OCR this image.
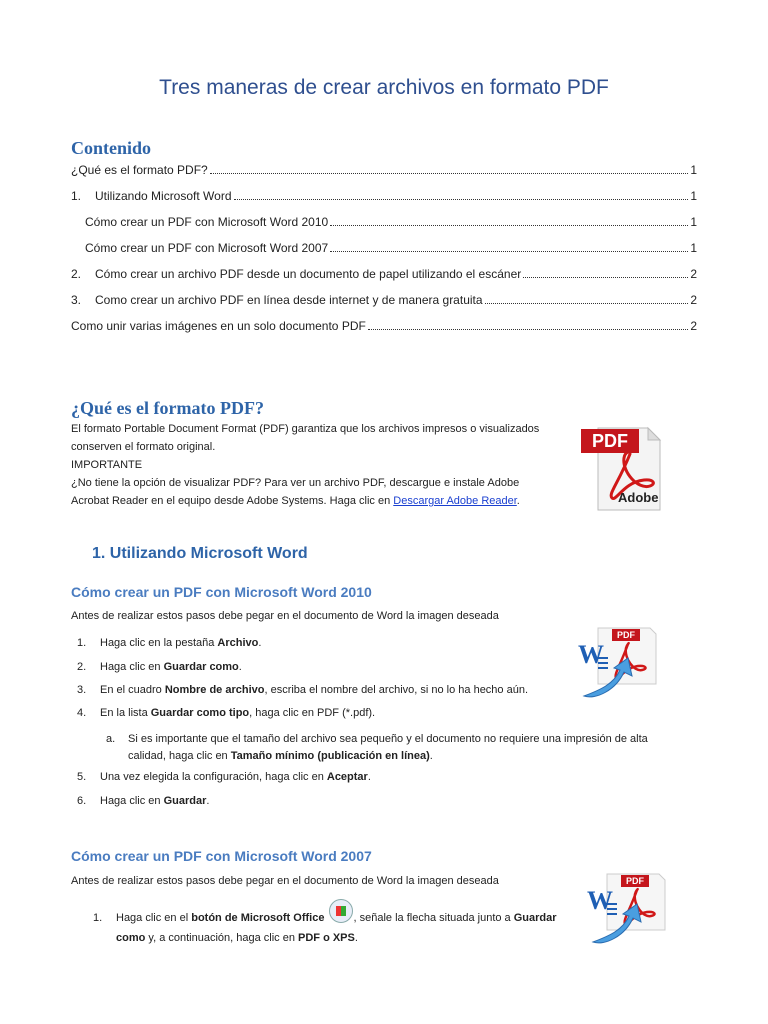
Tres maneras de crear archivos en formato PDF
Contenido
¿Qué es el formato PDF?	1
1.	Utilizando Microsoft Word	1
Cómo crear un PDF con Microsoft Word 2010	1
Cómo crear un PDF con Microsoft Word 2007	1
2.	Cómo crear un archivo PDF desde un documento de papel utilizando el escáner	2
3.	Como crear un archivo PDF en línea desde internet y de manera gratuita	2
Como unir varias imágenes en un solo documento PDF	2
¿Qué es el formato PDF?
El formato Portable Document Format (PDF) garantiza que los archivos impresos o visualizados
conserven el formato original.
IMPORTANTE
¿No tiene la opción de visualizar PDF? Para ver un archivo PDF, descargue e instale Adobe
Acrobat Reader en el equipo desde Adobe Systems. Haga clic en Descargar Adobe Reader.
PDF
Adobe
1. Utilizando Microsoft Word
Cómo crear un PDF con Microsoft Word 2010
Antes de realizar estos pasos debe pegar en el documento de Word la imagen deseada
1.	Haga clic en la pestaña Archivo.
2.	Haga clic en Guardar como.
3.	En el cuadro Nombre de archivo, escriba el nombre del archivo, si no lo ha hecho aún.
4.	En la lista Guardar como tipo, haga clic en PDF (*.pdf).
a.	Si es importante que el tamaño del archivo sea pequeño y el documento no requiere una impresión de alta
calidad, haga clic en Tamaño mínimo (publicación en línea).
5.	Una vez elegida la configuración, haga clic en Aceptar.
6.	Haga clic en Guardar.
W
PDF
Cómo crear un PDF con Microsoft Word 2007
Antes de realizar estos pasos debe pegar en el documento de Word la imagen deseada
1.	Haga clic en el botón de Microsoft Office	, señale la flecha situada junto a Guardar
como y, a continuación, haga clic en PDF o XPS.
W
PDF
